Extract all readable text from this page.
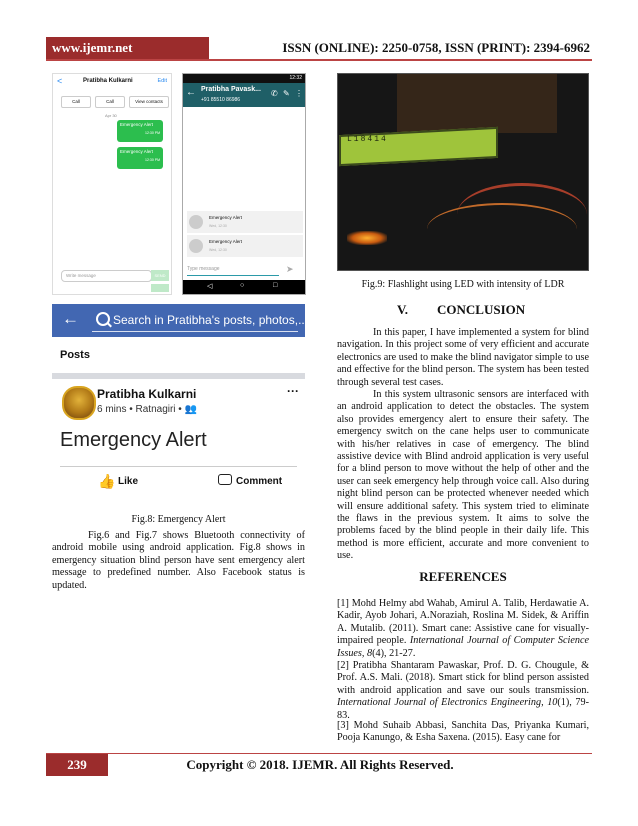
www.ijemr.net	ISSN (ONLINE): 2250-0758, ISSN (PRINT): 2394-6962
<	Pratibha Kulkarni	Edit
Call	Call	View contacts
Apr 30
Emergency Alert
12:30 PM
Emergency Alert
12:30 PM
Write message	SEND
12:32
← Pratibha Pavask...
+91 85510 86986
✆ ✎ ⋮
Emergency Alert
Wed, 12:30
Emergency Alert
Wed, 12:30
Type message	➤
◁	○	□
←	Search in Pratibha's posts, photos,...
Posts
Pratibha Kulkarni
6 mins • Ratnagiri • 👥
···
Emergency Alert
👍 Like	Comment
Fig.8: Emergency Alert
Fig.6 and Fig.7 shows Bluetooth connectivity of android mobile using android application. Fig.8 shows in emergency situation blind person have sent emergency alert message to predefined number. Also Facebook status is updated.
L18414
Fig.9: Flashlight using LED with intensity of LDR
V. CONCLUSION
In this paper, I have implemented a system for blind navigation. In this project some of very efficient and accurate electronics are used to make the blind navigator simple to use and effective for the blind person. The system has been tested through several test cases.
In this system ultrasonic sensors are interfaced with an android application to detect the obstacles. The system also provides emergency alert to ensure their safety. The emergency switch on the cane helps user to communicate with his/her relatives in case of emergency. The blind assistive device with Blind android application is very useful for a blind person to move without the help of other and the user can seek emergency help through voice call. Also during night blind person can be protected whenever needed which will ensure additional safety. This system tried to eliminate the flaws in the previous system. It aims to solve the problems faced by the blind people in their daily life. This method is more efficient, accurate and more convenient to use.
REFERENCES
[1] Mohd Helmy abd Wahab, Amirul A. Talib, Herdawatie A. Kadir, Ayob Johari, A.Noraziah, Roslina M. Sidek, & Ariffin A. Mutalib. (2011). Smart cane: Assistive cane for visually-impaired people. International Journal of Computer Science Issues, 8(4), 21-27.
[2] Pratibha Shantaram Pawaskar, Prof. D. G. Chougule, & Prof. A.S. Mali. (2018). Smart stick for blind person assisted with android application and save our souls transmission. International Journal of Electronics Engineering, 10(1), 79-83.
[3] Mohd Suhaib Abbasi, Sanchita Das, Priyanka Kumari, Pooja Kanungo, & Esha Saxena. (2015). Easy cane for
239	Copyright © 2018. IJEMR. All Rights Reserved.
